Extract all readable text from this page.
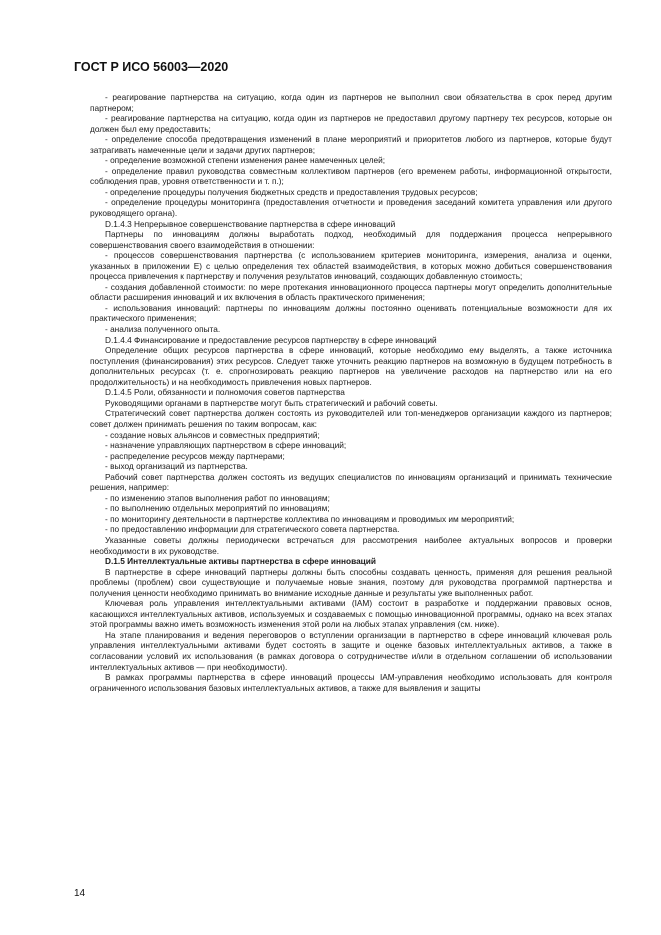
ГОСТ Р ИСО 56003—2020

- реагирование партнерства на ситуацию, когда один из партнеров не выполнил свои обязательства в срок перед другим партнером;

- реагирование партнерства на ситуацию, когда один из партнеров не предоставил другому партнеру тех ресурсов, которые он должен был ему предоставить;

- определение способа предотвращения изменений в плане мероприятий и приоритетов любого из партнеров, которые будут затрагивать намеченные цели и задачи других партнеров;

- определение возможной степени изменения ранее намеченных целей;

- определение правил руководства совместным коллективом партнеров (его временем работы, информационной открытости, соблюдения прав, уровня ответственности и т. п.);

- определение процедуры получения бюджетных средств и предоставления трудовых ресурсов;

- определение процедуры мониторинга (предоставления отчетности и проведения заседаний комитета управления или другого руководящего органа).

D.1.4.3 Непрерывное совершенствование партнерства в сфере инноваций

Партнеры по инновациям должны выработать подход, необходимый для поддержания процесса непрерывного совершенствования своего взаимодействия в отношении:

- процессов совершенствования партнерства (с использованием критериев мониторинга, измерения, анализа и оценки, указанных в приложении Е) с целью определения тех областей взаимодействия, в которых можно добиться совершенствования процесса привлечения к партнерству и получения результатов инноваций, создающих добавленную стоимость;

- создания добавленной стоимости: по мере протекания инновационного процесса партнеры могут определить дополнительные области расширения инноваций и их включения в область практического применения;

- использования инноваций: партнеры по инновациям должны постоянно оценивать потенциальные возможности для их практического применения;

- анализа полученного опыта.

D.1.4.4 Финансирование и предоставление ресурсов партнерству в сфере инноваций

Определение общих ресурсов партнерства в сфере инноваций, которые необходимо ему выделять, а также источника поступления (финансирования) этих ресурсов. Следует также уточнить реакцию партнеров на возможную в будущем потребность в дополнительных ресурсах (т. е. спрогнозировать реакцию партнеров на увеличение расходов на партнерство или на его продолжительность) и на необходимость привлечения новых партнеров.

D.1.4.5 Роли, обязанности и полномочия советов партнерства

Руководящими органами в партнерстве могут быть стратегический и рабочий советы.

Стратегический совет партнерства должен состоять из руководителей или топ-менеджеров организации каждого из партнеров; совет должен принимать решения по таким вопросам, как:

- создание новых альянсов и совместных предприятий;

- назначение управляющих партнерством в сфере инноваций;

- распределение ресурсов между партнерами;

- выход организаций из партнерства.

Рабочий совет партнерства должен состоять из ведущих специалистов по инновациям организаций и принимать технические решения, например:

- по изменению этапов выполнения работ по инновациям;

- по выполнению отдельных мероприятий по инновациям;

- по мониторингу деятельности в партнерстве коллектива по инновациям и проводимых им мероприятий;

- по предоставлению информации для стратегического совета партнерства.

Указанные советы должны периодически встречаться для рассмотрения наиболее актуальных вопросов и проверки необходимости в их руководстве.

D.1.5 Интеллектуальные активы партнерства в сфере инноваций

В партнерстве в сфере инноваций партнеры должны быть способны создавать ценность, применяя для решения реальной проблемы (проблем) свои существующие и получаемые новые знания, поэтому для руководства программой партнерства и получения ценности необходимо принимать во внимание исходные данные и результаты уже выполненных работ.

Ключевая роль управления интеллектуальными активами (IAM) состоит в разработке и поддержании правовых основ, касающихся интеллектуальных активов, используемых и создаваемых с помощью инновационной программы, однако на всех этапах этой программы важно иметь возможность изменения этой роли на любых этапах управления (см. ниже).

На этапе планирования и ведения переговоров о вступлении организации в партнерство в сфере инноваций ключевая роль управления интеллектуальными активами будет состоять в защите и оценке базовых интеллектуальных активов, а также в согласовании условий их использования (в рамках договора о сотрудничестве и/или в отдельном соглашении об использовании интеллектуальных активов — при необходимости).

В рамках программы партнерства в сфере инноваций процессы IAM-управления необходимо использовать для контроля ограниченного использования базовых интеллектуальных активов, а также для выявления и защиты

14
